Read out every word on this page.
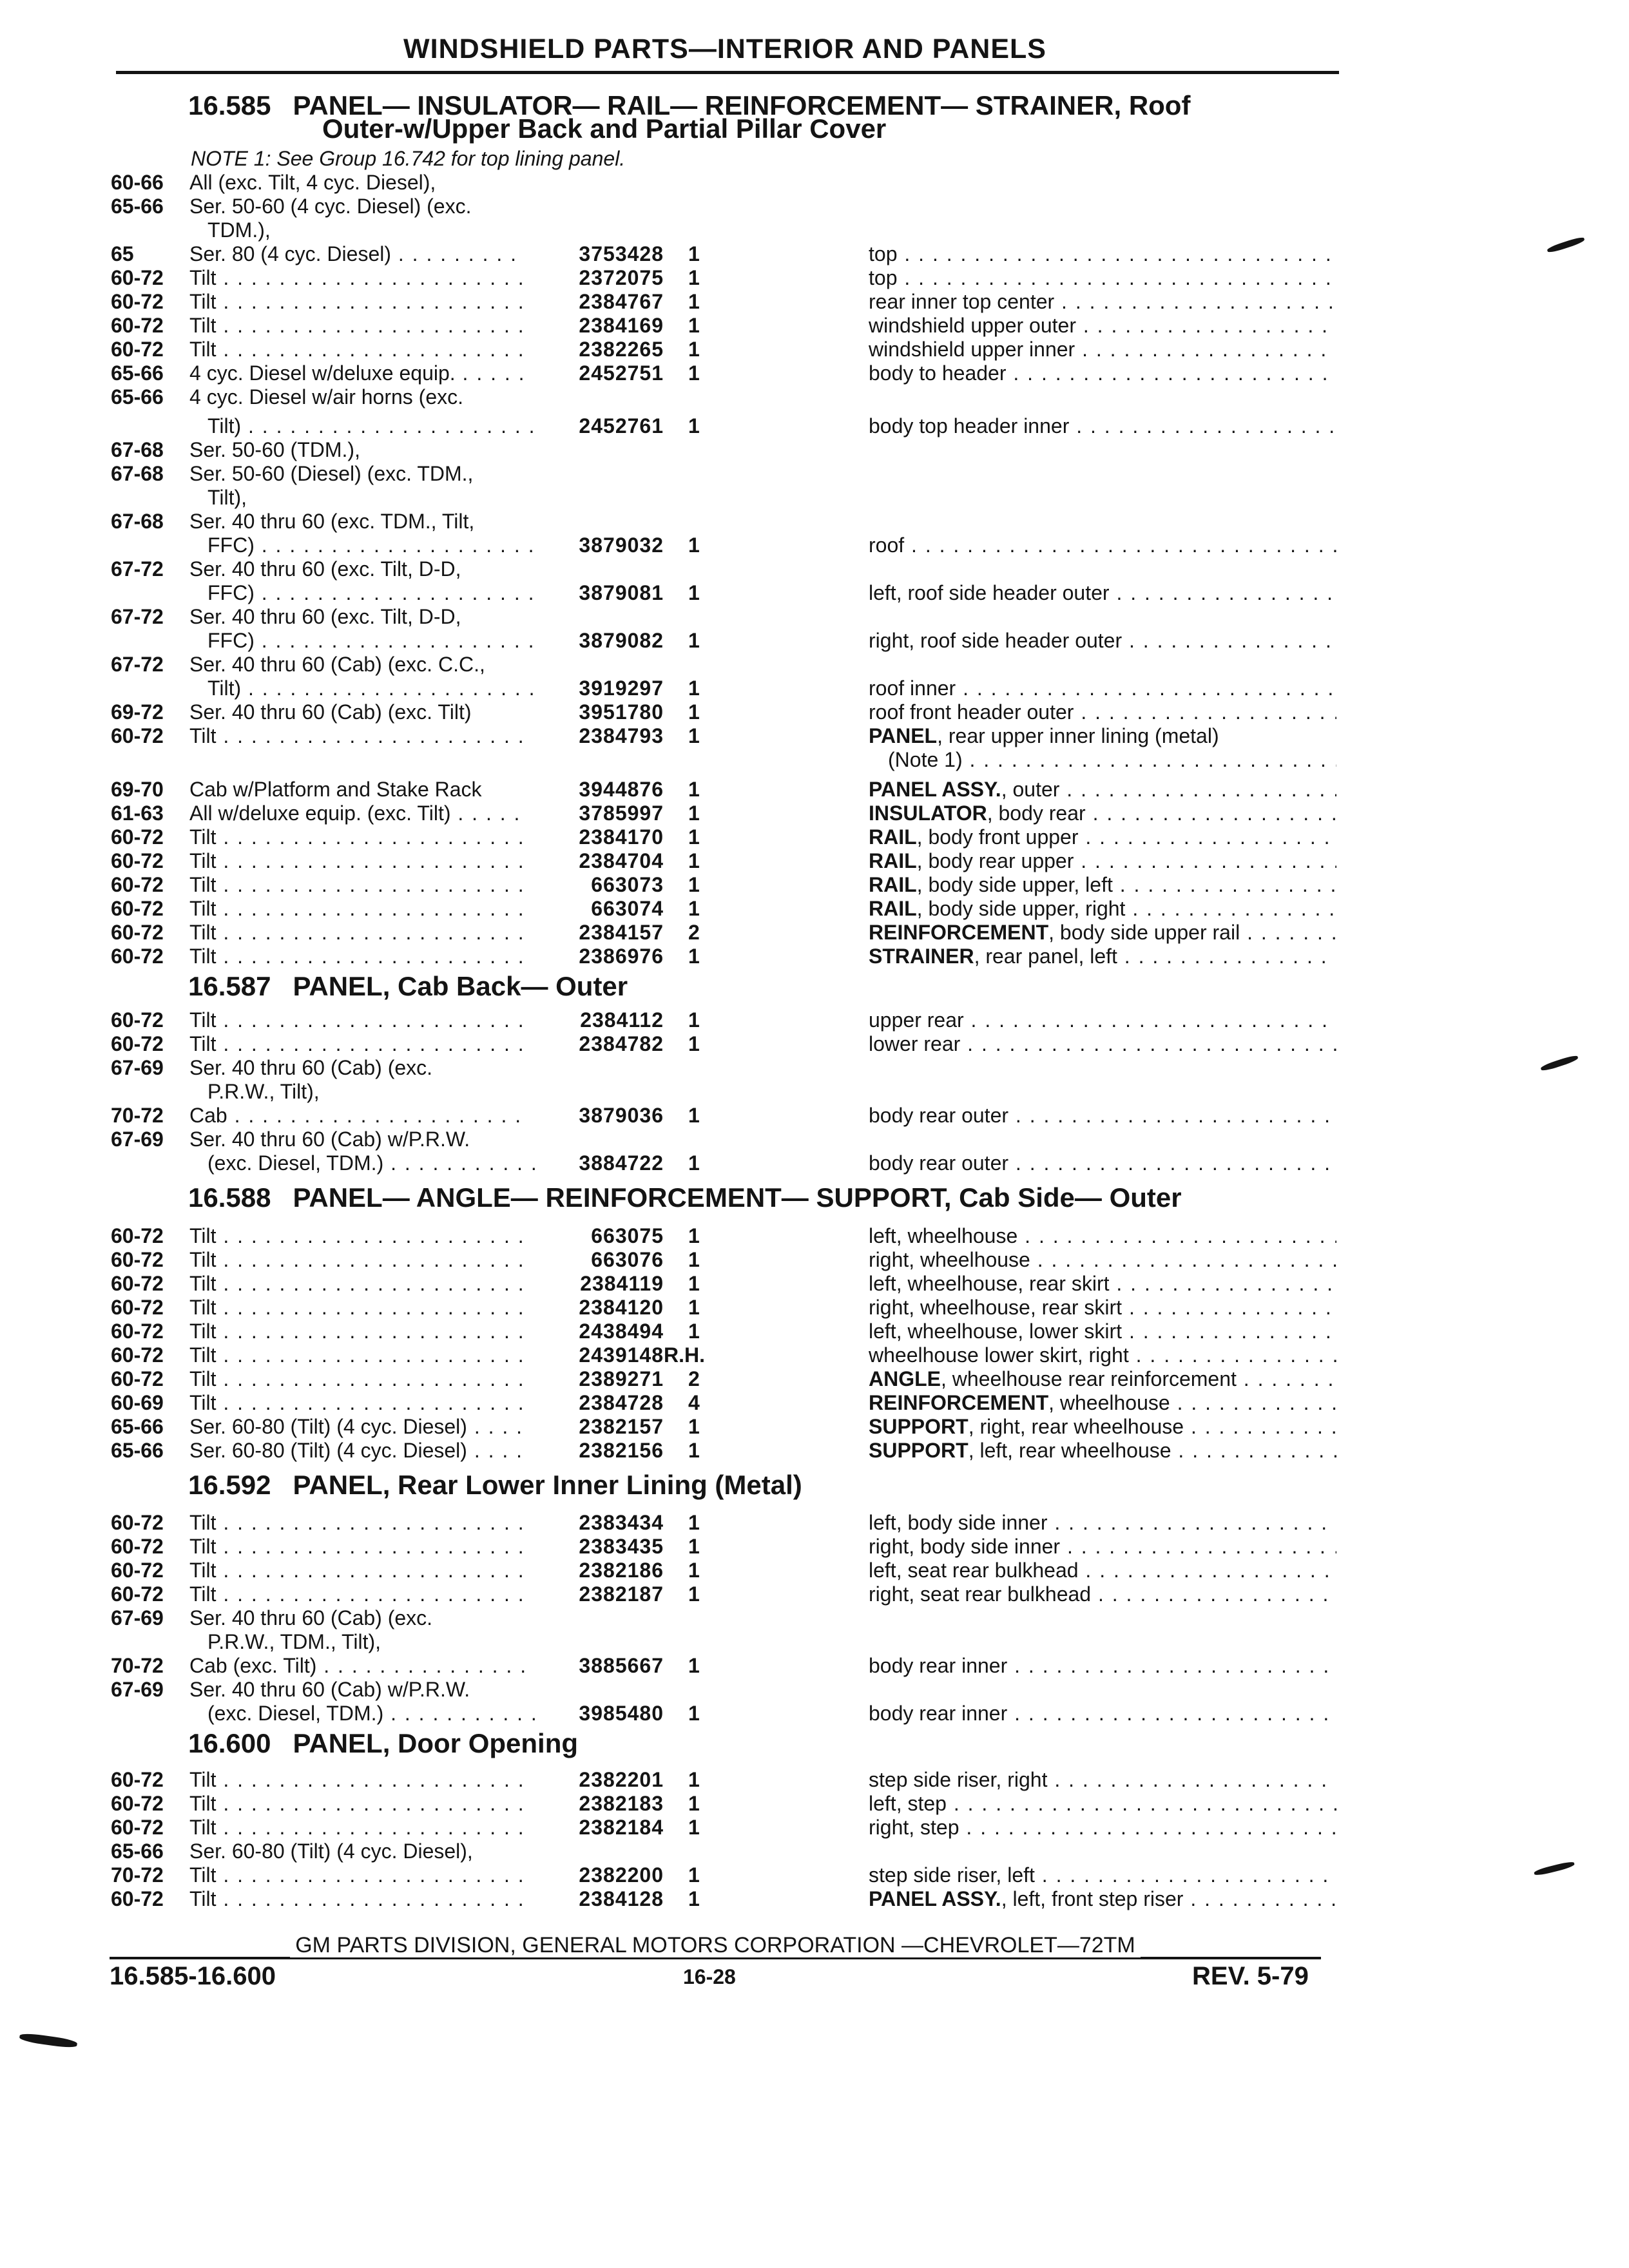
WINDSHIELD PARTS—INTERIOR AND PANELS
16.585 PANEL— INSULATOR— RAIL— REINFORCEMENT— STRAINER, Roof
Outer-w/Upper Back and Partial Pillar Cover
NOTE 1: See Group 16.742 for top lining panel.
60-66 All (exc. Tilt, 4 cyc. Diesel),
65-66 Ser. 50-60 (4 cyc. Diesel) (exc.
TDM.),
65	Ser. 80 (4 cyc. Diesel) . . .	3753428 1	top . . .
60-72 Tilt . . .	2372075 1	top . . .
60-72 Tilt . . .	2384767 1	rear inner top center . . .
60-72 Tilt . . .	2384169 1	windshield upper outer . . .
60-72 Tilt . . .	2382265 1	windshield upper inner . . .
65-66 4 cyc. Diesel w/deluxe equip. . . .	2452751 1	body to header . . .
65-66 4 cyc. Diesel w/air horns (exc.
Tilt) . . .	2452761 1	body top header inner . . .
67-68 Ser. 50-60 (TDM.),
67-68 Ser. 50-60 (Diesel) (exc. TDM.,
Tilt),
67-68 Ser. 40 thru 60 (exc. TDM., Tilt,
FFC) . . .	3879032 1	roof . . .
67-72 Ser. 40 thru 60 (exc. Tilt, D-D,
FFC) . . .	3879081 1	left, roof side header outer . . .
67-72 Ser. 40 thru 60 (exc. Tilt, D-D,
FFC) . . .	3879082 1	right, roof side header outer . . .
67-72 Ser. 40 thru 60 (Cab) (exc. C.C.,
Tilt) . . .	3919297 1	roof inner . . .
69-72 Ser. 40 thru 60 (Cab) (exc. Tilt)	3951780 1	roof front header outer . . .
60-72 Tilt . . .	2384793 1	PANEL, rear upper inner lining (metal)
(Note 1) . . .
69-70 Cab w/Platform and Stake Rack	3944876 1	PANEL ASSY., outer . . .
61-63 All w/deluxe equip. (exc. Tilt) . . .	3785997 1	INSULATOR, body rear . . .
60-72 Tilt . . .	2384170 1	RAIL, body front upper . . .
60-72 Tilt . . .	2384704 1	RAIL, body rear upper . . .
60-72 Tilt . . .	663073 1	RAIL, body side upper, left . . .
60-72 Tilt . . .	663074 1	RAIL, body side upper, right . . .
60-72 Tilt . . .	2384157 2	REINFORCEMENT, body side upper rail . . .
60-72 Tilt . . .	2386976 1	STRAINER, rear panel, left . . .
16.587 PANEL, Cab Back— Outer
60-72 Tilt . . .	2384112 1	upper rear . . .
60-72 Tilt . . .	2384782 1	lower rear . . .
67-69 Ser. 40 thru 60 (Cab) (exc.
P.R.W., Tilt),
70-72 Cab . . .	3879036 1	body rear outer . . .
67-69 Ser. 40 thru 60 (Cab) w/P.R.W.
(exc. Diesel, TDM.) . . .	3884722 1	body rear outer . . .
16.588 PANEL— ANGLE— REINFORCEMENT— SUPPORT, Cab Side— Outer
60-72 Tilt . . .	663075 1	left, wheelhouse . . .
60-72 Tilt . . .	663076 1	right, wheelhouse . . .
60-72 Tilt . . .	2384119 1	left, wheelhouse, rear skirt . . .
60-72 Tilt . . .	2384120 1	right, wheelhouse, rear skirt . . .
60-72 Tilt . . .	2438494 1	left, wheelhouse, lower skirt . . .
60-72 Tilt . . .	2439148 R.H.	wheelhouse lower skirt, right . . .
60-72 Tilt . . .	2389271 2	ANGLE, wheelhouse rear reinforcement . . .
60-69 Tilt . . .	2384728 4	REINFORCEMENT, wheelhouse . . .
65-66 Ser. 60-80 (Tilt) (4 cyc. Diesel) . . .	2382157 1	SUPPORT, right, rear wheelhouse . . .
65-66 Ser. 60-80 (Tilt) (4 cyc. Diesel) . . .	2382156 1	SUPPORT, left, rear wheelhouse . . .
16.592 PANEL, Rear Lower Inner Lining (Metal)
60-72 Tilt . . .	2383434 1	left, body side inner . . .
60-72 Tilt . . .	2383435 1	right, body side inner . . .
60-72 Tilt . . .	2382186 1	left, seat rear bulkhead . . .
60-72 Tilt . . .	2382187 1	right, seat rear bulkhead . . .
67-69 Ser. 40 thru 60 (Cab) (exc.
P.R.W., TDM., Tilt),
70-72 Cab (exc. Tilt) . . .	3885667 1	body rear inner . . .
67-69 Ser. 40 thru 60 (Cab) w/P.R.W.
(exc. Diesel, TDM.) . . .	3985480 1	body rear inner . . .
16.600 PANEL, Door Opening
60-72 Tilt . . .	2382201 1	step side riser, right . . .
60-72 Tilt . . .	2382183 1	left, step . . .
60-72 Tilt . . .	2382184 1	right, step . . .
65-66 Ser. 60-80 (Tilt) (4 cyc. Diesel),
70-72 Tilt . . .	2382200 1	step side riser, left . . .
60-72 Tilt . . .	2384128 1	PANEL ASSY., left, front step riser . . .
GM PARTS DIVISION, GENERAL MOTORS CORPORATION —CHEVROLET—72TM
16.585-16.600	16-28	REV. 5-79
